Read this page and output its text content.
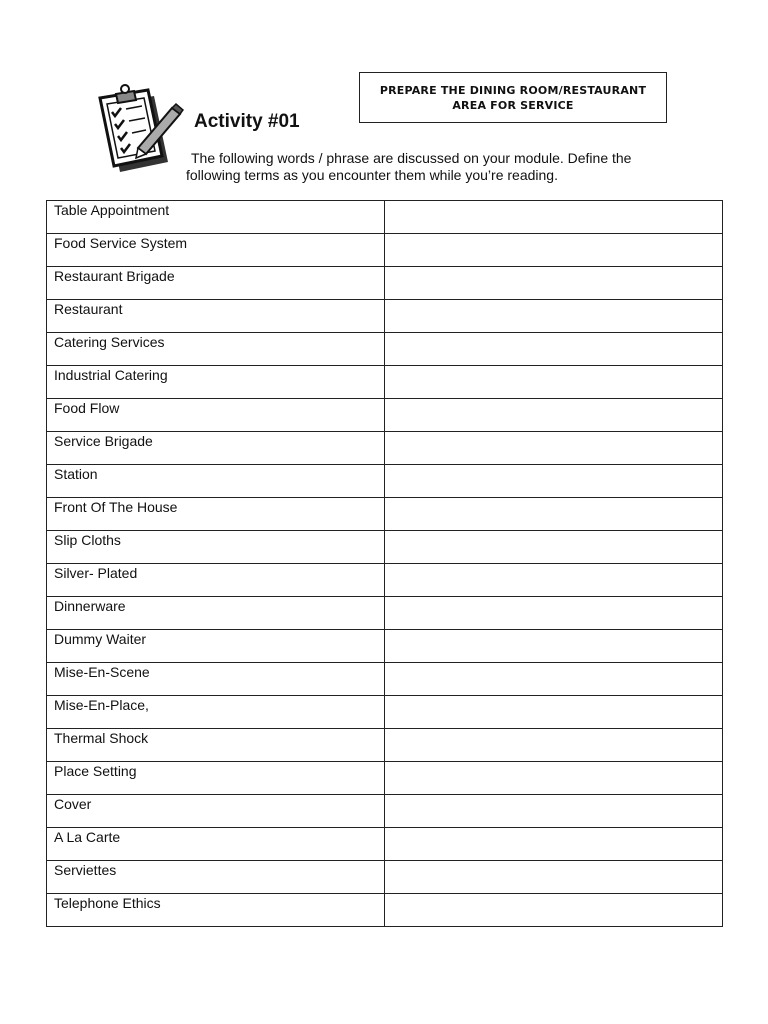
PREPARE THE DINING ROOM/RESTAURANT
AREA FOR SERVICE
Activity #01
The following words / phrase are discussed on your module. Define the
following terms as you encounter them while you’re reading.
Table Appointment	
Food Service System	
Restaurant Brigade	
Restaurant	
Catering Services	
Industrial Catering	
Food Flow	
Service Brigade	
Station	
Front Of The House	
Slip Cloths	
Silver- Plated	
Dinnerware	
Dummy Waiter	
Mise-En-Scene	
Mise-En-Place,	
Thermal Shock	
Place Setting	
Cover	
A La Carte	
Serviettes	
Telephone Ethics	
